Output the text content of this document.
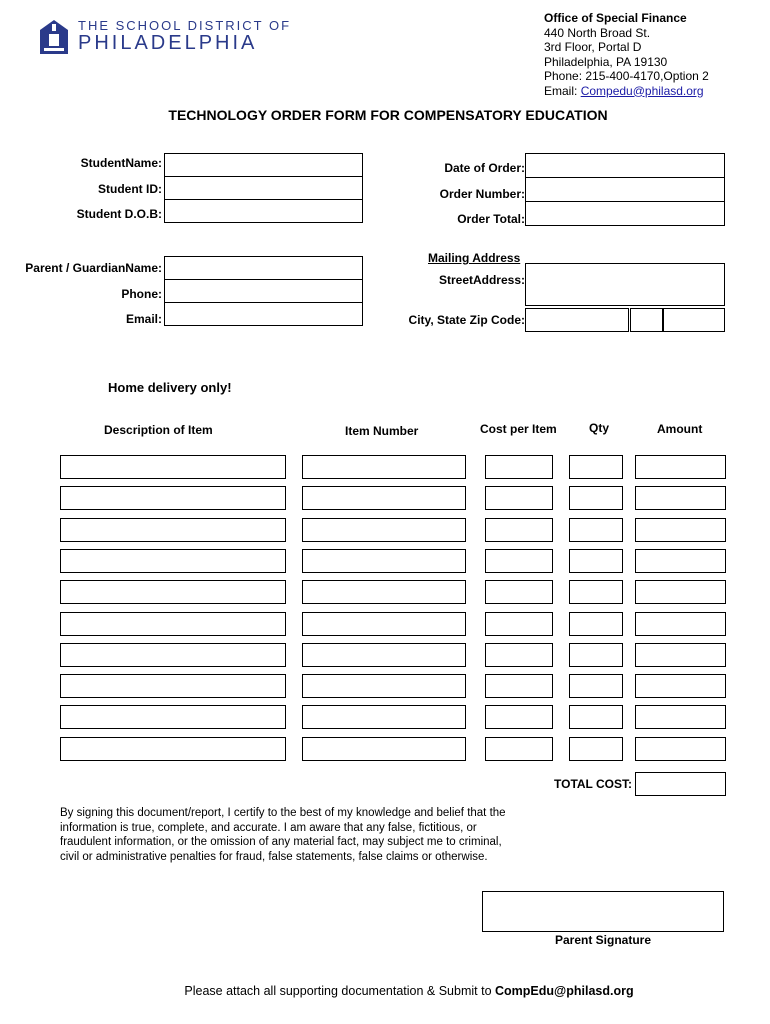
THE SCHOOL DISTRICT OF
PHILADELPHIA
Office of Special Finance
440 North Broad St.
3rd Floor, Portal D
Philadelphia, PA 19130
Phone: 215-400-4170,Option 2
Email: Compedu@philasd.org
TECHNOLOGY ORDER FORM FOR COMPENSATORY EDUCATION
StudentName:
Student ID:
Student D.O.B:
Date of Order:
Order Number:
Order Total:
Parent / GuardianName:
Phone:
Email:
Mailing Address
StreetAddress:
City, State Zip Code:
Home delivery only!
Description of Item	Item Number	Cost per Item	Qty	Amount
TOTAL COST:
By signing this document/report, I certify to the best of my knowledge and belief that the
information is true, complete, and accurate. I am aware that any false, fictitious, or
fraudulent information, or the omission of any material fact, may subject me to criminal,
civil or administrative penalties for fraud, false statements, false claims or otherwise.
Parent Signature
Please attach all supporting documentation & Submit to CompEdu@philasd.org
